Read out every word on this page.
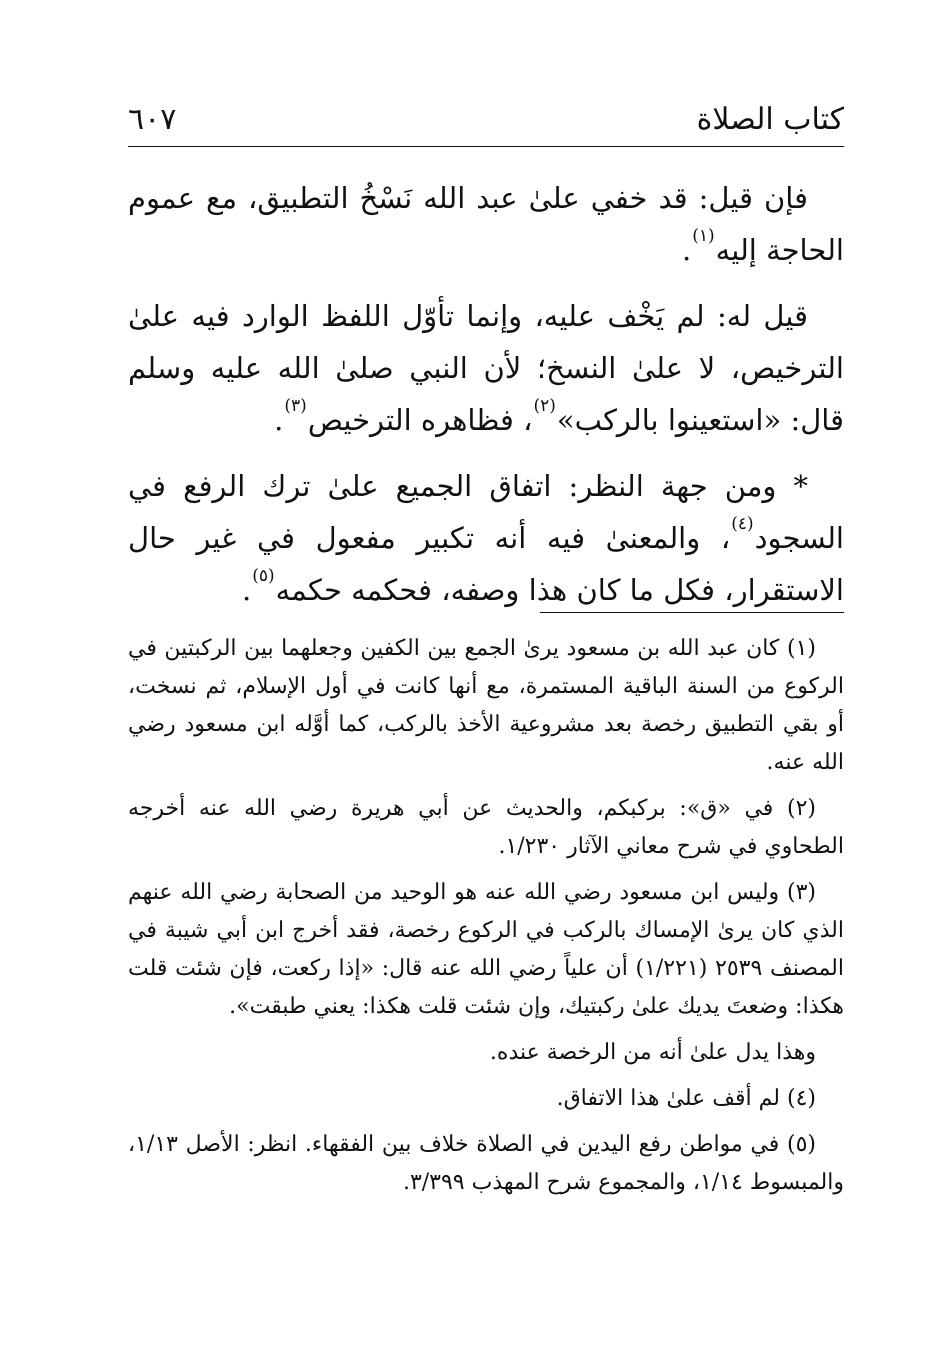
كتاب الصلاة
٦٠٧

فإن قيل: قد خفي علىٰ عبد الله نَسْخُ التطبيق، مع عموم الحاجة إليه$^{(١)}$.

قيل له: لم يَخْف عليه، وإنما تأوّل اللفظ الوارد فيه علىٰ الترخيص، لا علىٰ النسخ؛ لأن النبي صلىٰ الله عليه وسلم قال: «استعينوا بالركب»$^{(٢)}$، فظاهره الترخيص$^{(٣)}$.

* ومن جهة النظر: اتفاق الجميع علىٰ ترك الرفع في السجود$^{(٤)}$، والمعنىٰ فيه أنه تكبير مفعول في غير حال الاستقرار، فكل ما كان هذا وصفه، فحكمه حكمه$^{(٥)}$.

(١) كان عبد الله بن مسعود يرىٰ الجمع بين الكفين وجعلهما بين الركبتين في الركوع من السنة الباقية المستمرة، مع أنها كانت في أول الإسلام، ثم نسخت، أو بقي التطبيق رخصة بعد مشروعية الأخذ بالركب، كما أوَّله ابن مسعود رضي الله عنه.

(٢) في «ق»: بركبكم، والحديث عن أبي هريرة رضي الله عنه أخرجه الطحاوي في شرح معاني الآثار ١/٢٣٠.

(٣) وليس ابن مسعود رضي الله عنه هو الوحيد من الصحابة رضي الله عنهم الذي كان يرىٰ الإمساك بالركب في الركوع رخصة، فقد أخرج ابن أبي شيبة في المصنف ٢٥٣٩ (١/٢٢١) أن علياً رضي الله عنه قال: «إذا ركعت، فإن شئت قلت هكذا: وضعتَ يديك علىٰ ركبتيك، وإن شئت قلت هكذا: يعني طبقت».

وهذا يدل علىٰ أنه من الرخصة عنده.

(٤) لم أقف علىٰ هذا الاتفاق.

(٥) في مواطن رفع اليدين في الصلاة خلاف بين الفقهاء. انظر: الأصل ١/١٣، والمبسوط ١/١٤، والمجموع شرح المهذب ٣/٣٩٩.
